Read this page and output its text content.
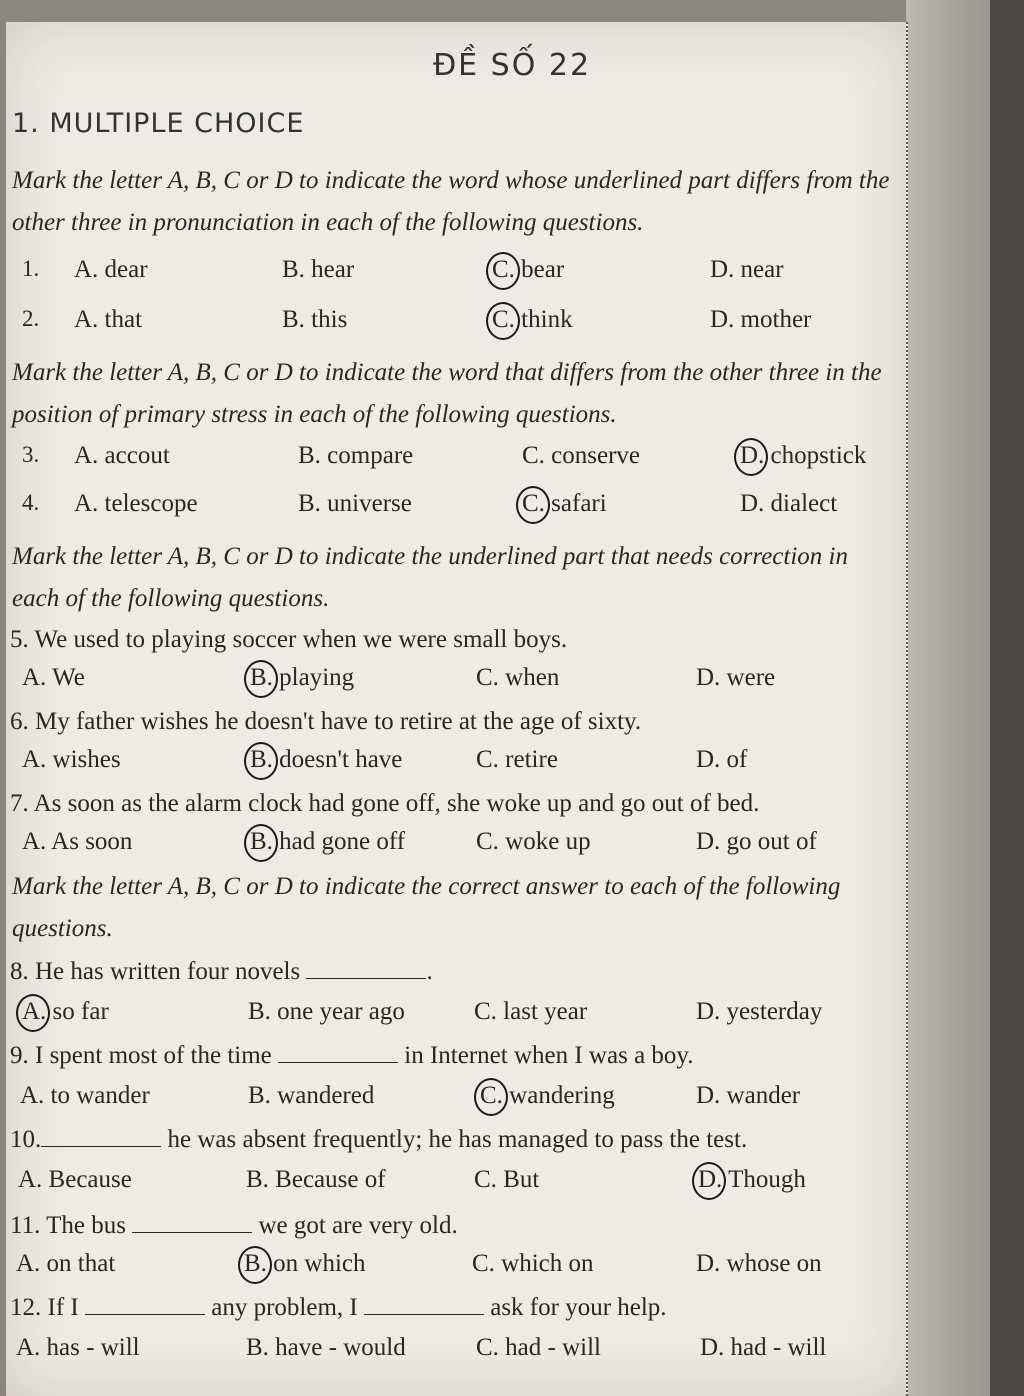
ĐỀ SỐ 22
1. MULTIPLE CHOICE
Mark the letter A, B, C or D to indicate the word whose underlined part differs from the other three in pronunciation in each of the following questions.
1. A. dear	B. hear	C. bear	D. near
2. A. that	B. this	C. think	D. mother
Mark the letter A, B, C or D to indicate the word that differs from the other three in the position of primary stress in each of the following questions.
3. A. accout	B. compare	C. conserve	D. chopstick
4. A. telescope	B. universe	C. safari	D. dialect
Mark the letter A, B, C or D to indicate the underlined part that needs correction in each of the following questions.
5. We used to playing soccer when we were small boys.
A. We	B. playing	C. when	D. were
6. My father wishes he doesn't have to retire at the age of sixty.
A. wishes	B. doesn't have	C. retire	D. of
7. As soon as the alarm clock had gone off, she woke up and go out of bed.
A. As soon	B. had gone off	C. woke up	D. go out of
Mark the letter A, B, C or D to indicate the correct answer to each of the following questions.
8. He has written four novels	.
A. so far	B. one year ago	C. last year	D. yesterday
9. I spent most of the time	in Internet when I was a boy.
A. to wander	B. wandered	C. wandering	D. wander
10.	he was absent frequently; he has managed to pass the test.
A. Because	B. Because of	C. But	D. Though
11. The bus	we got are very old.
A. on that	B. on which	C. which on	D. whose on
12. If I	any problem, I	ask for your help.
A. has - will	B. have - would	C. had - will	D. had - will
